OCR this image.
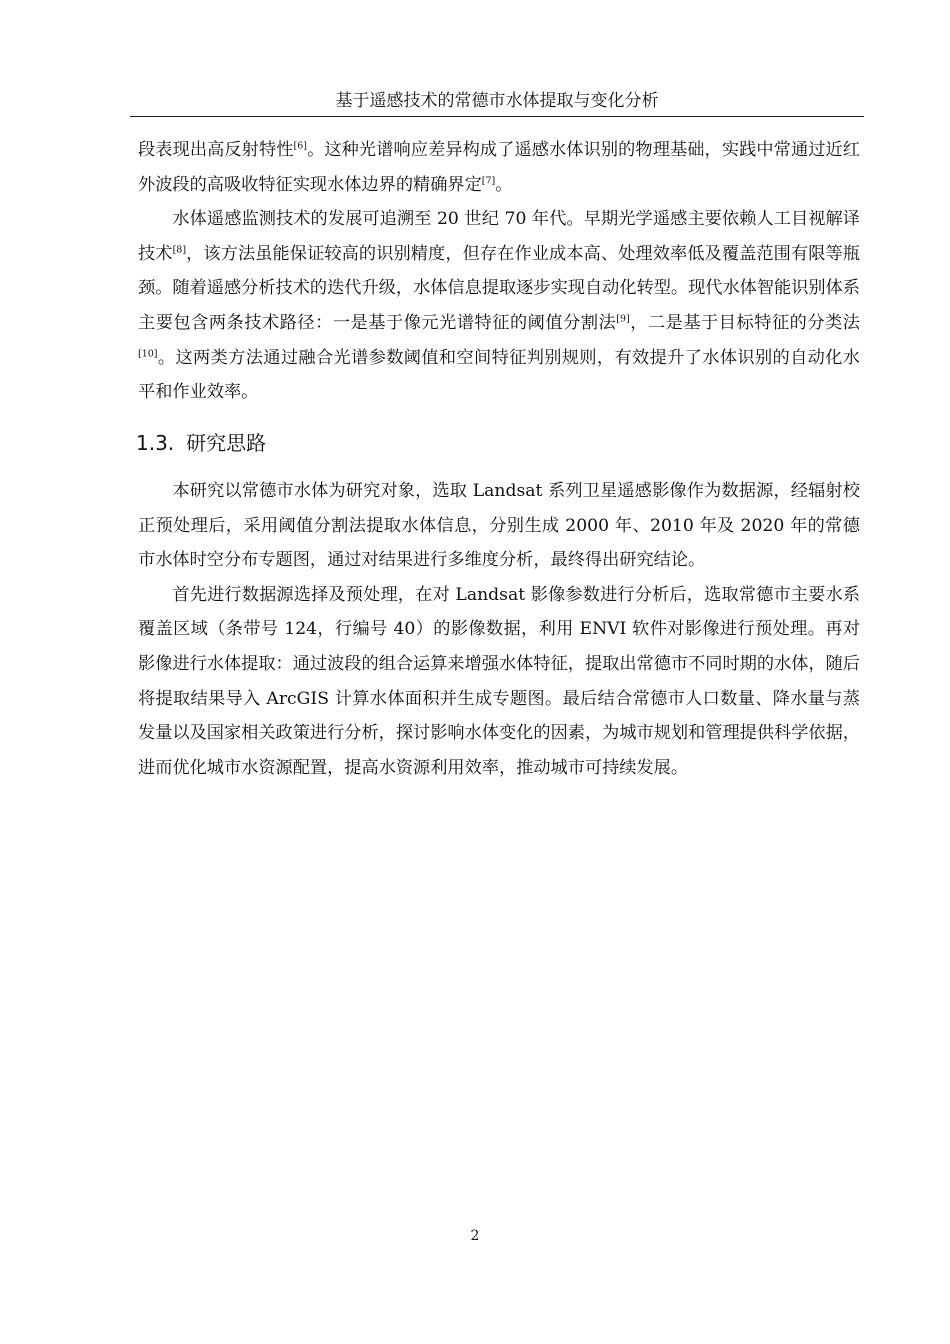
基于遥感技术的常德市水体提取与变化分析

段表现出高反射特性[6]。这种光谱响应差异构成了遥感水体识别的物理基础，实践中常通过近红外波段的高吸收特征实现水体边界的精确界定[7]。

水体遥感监测技术的发展可追溯至 20 世纪 70 年代。早期光学遥感主要依赖人工目视解译技术[8]，该方法虽能保证较高的识别精度，但存在作业成本高、处理效率低及覆盖范围有限等瓶颈。随着遥感分析技术的迭代升级，水体信息提取逐步实现自动化转型。现代水体智能识别体系主要包含两条技术路径：一是基于像元光谱特征的阈值分割法[9]，二是基于目标特征的分类法[10]。这两类方法通过融合光谱参数阈值和空间特征判别规则，有效提升了水体识别的自动化水平和作业效率。

1.3. 研究思路

本研究以常德市水体为研究对象，选取 Landsat 系列卫星遥感影像作为数据源，经辐射校正预处理后，采用阈值分割法提取水体信息，分别生成 2000 年、2010 年及 2020 年的常德市水体时空分布专题图，通过对结果进行多维度分析，最终得出研究结论。

首先进行数据源选择及预处理，在对 Landsat 影像参数进行分析后，选取常德市主要水系覆盖区域（条带号 124，行编号 40）的影像数据，利用 ENVI 软件对影像进行预处理。再对影像进行水体提取：通过波段的组合运算来增强水体特征，提取出常德市不同时期的水体，随后将提取结果导入 ArcGIS 计算水体面积并生成专题图。最后结合常德市人口数量、降水量与蒸发量以及国家相关政策进行分析，探讨影响水体变化的因素，为城市规划和管理提供科学依据，进而优化城市水资源配置，提高水资源利用效率，推动城市可持续发展。

2
